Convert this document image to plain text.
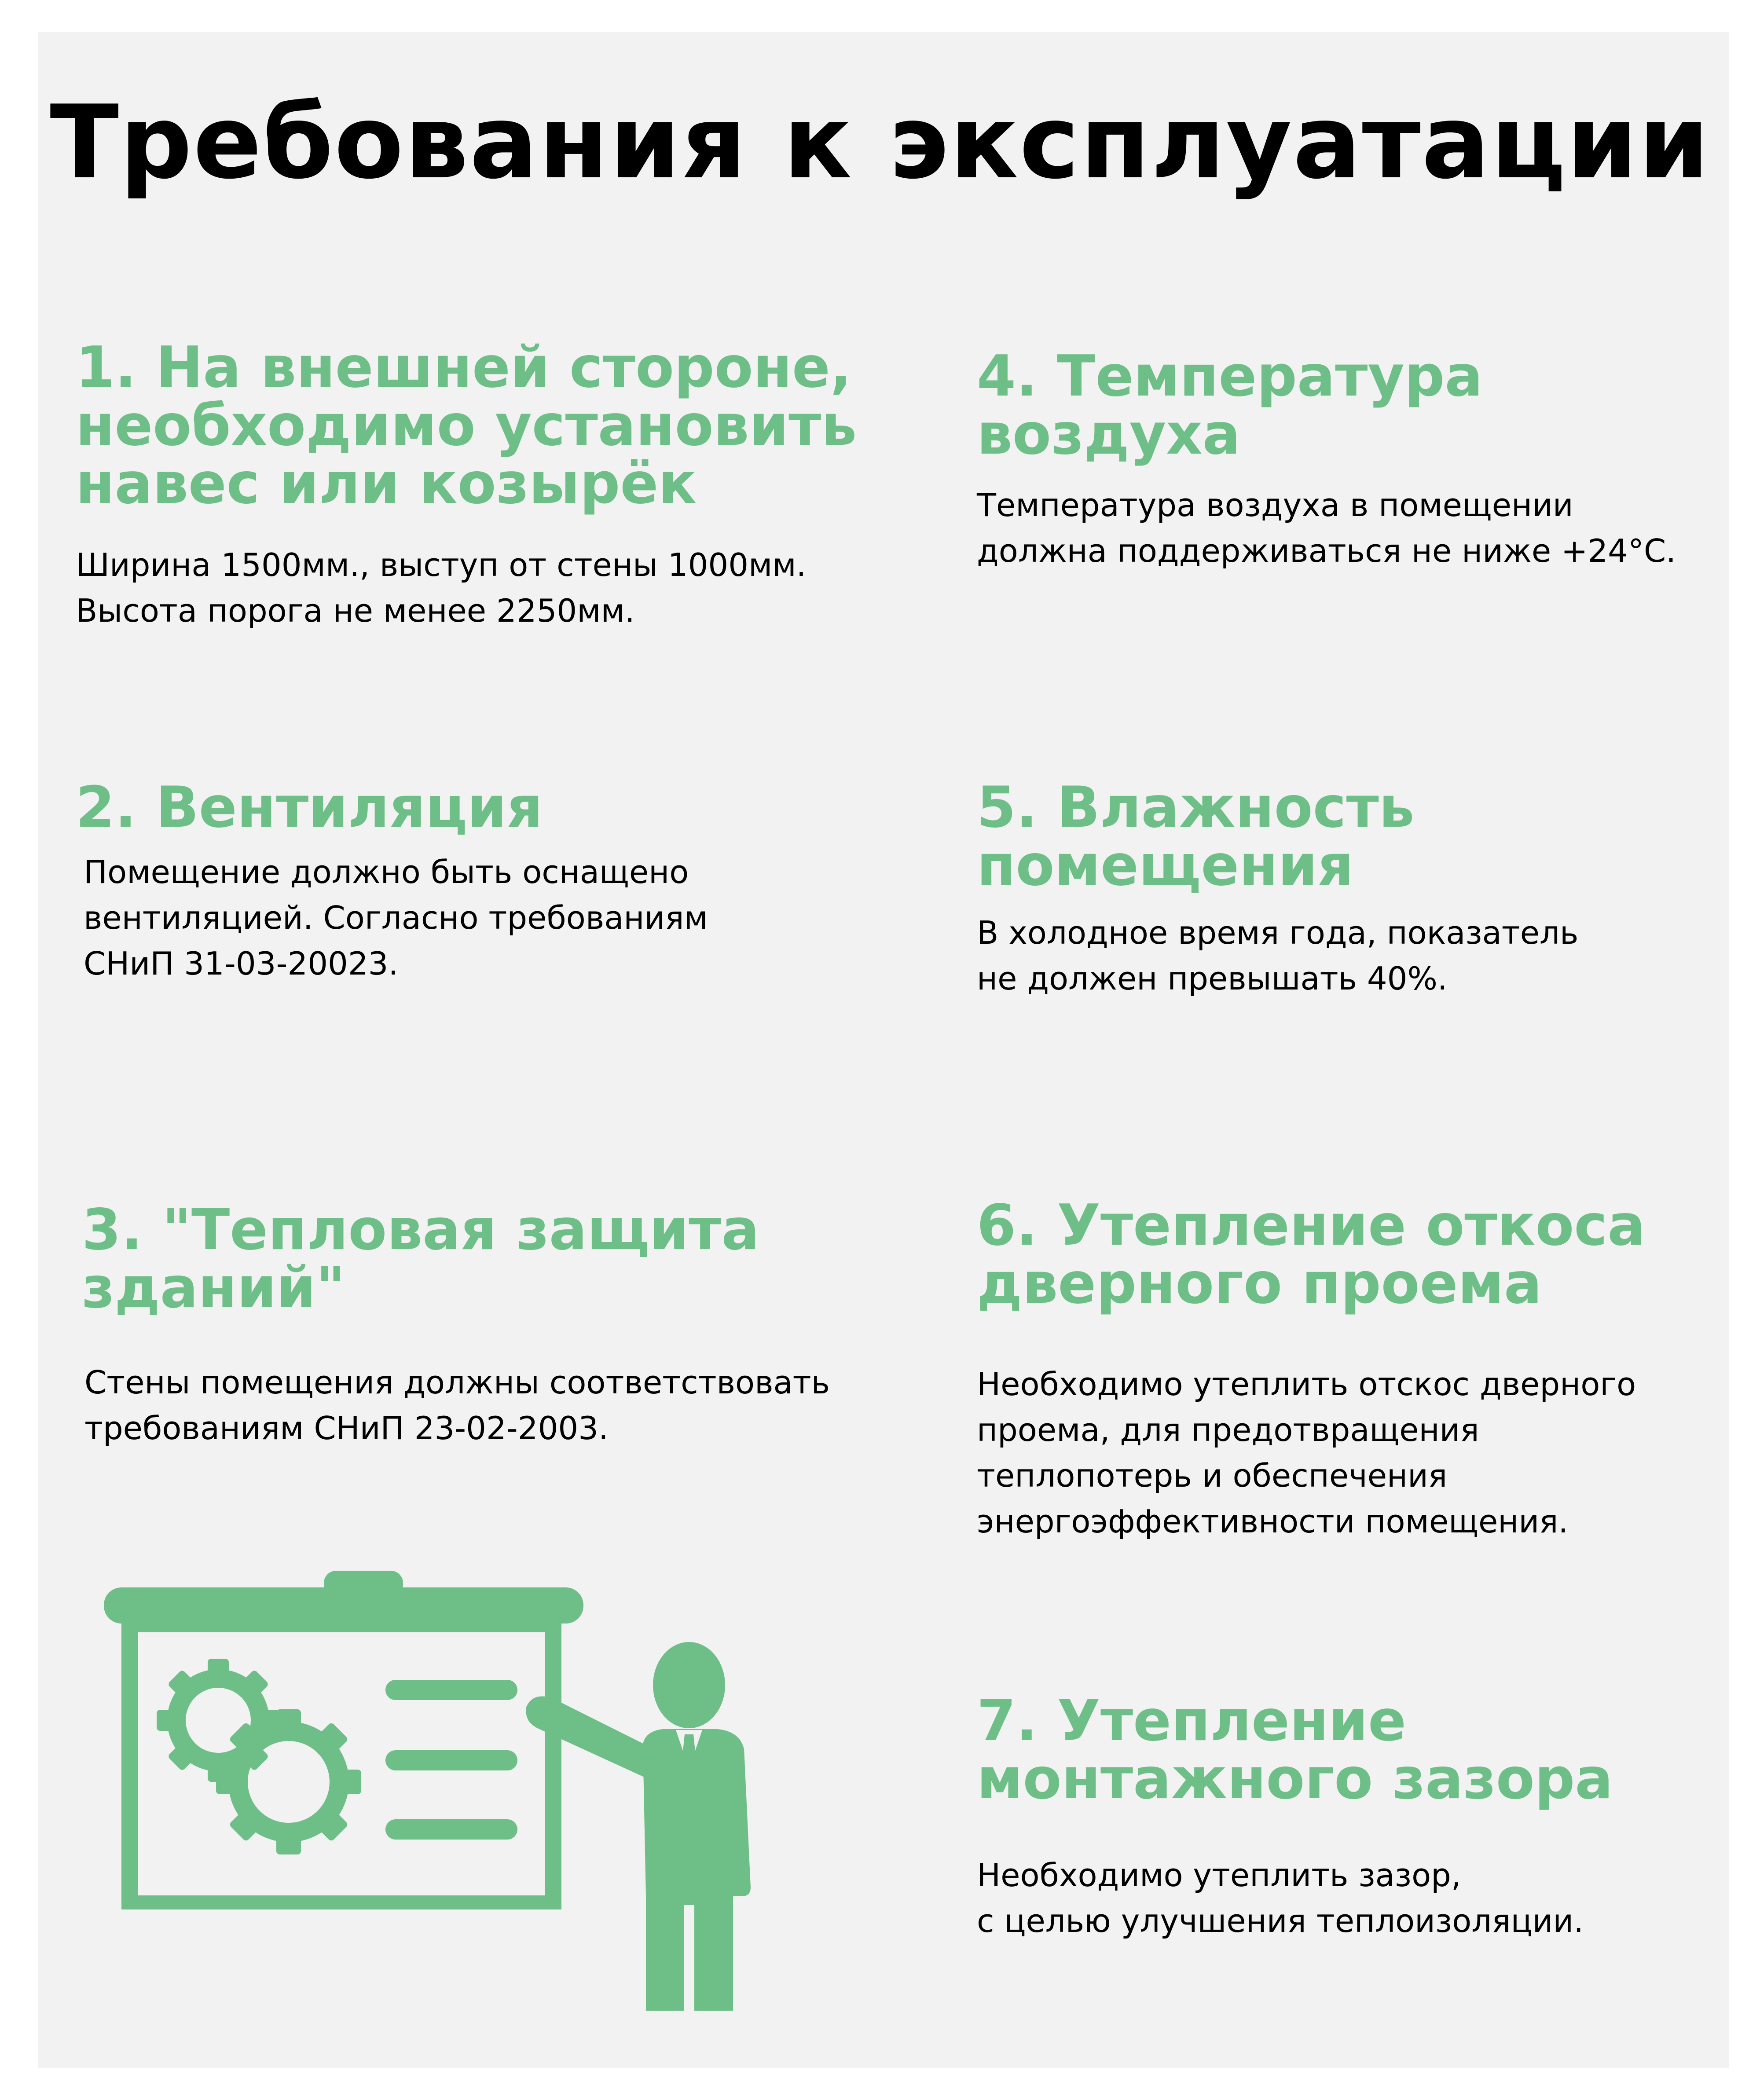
Требования к эксплуатации
1. На внешней стороне,
необходимо установить
навес или козырёк

Ширина 1500мм., выступ от стены 1000мм.
Высота порога не менее 2250мм.

2. Вентиляция

Помещение должно быть оснащено
вентиляцией. Согласно требованиям
СНиП 31-03-20023.

3. "Тепловая защита
зданий"

Стены помещения должны соответствовать
требованиям СНиП 23-02-2003.

4. Температура воздуха

Температура воздуха в помещении
должна поддерживаться не ниже +24°С.

5. Влажность помещения

В холодное время года, показатель
не должен превышать 40%.

6. Утепление откоса
дверного проема

Необходимо утеплить отскос дверного
проема, для предотвращения
теплопотерь и обеспечения
энергоэффективности помещения.

7. Утепление
монтажного зазора

Необходимо утеплить зазор,
с целью улучшения теплоизоляции.
